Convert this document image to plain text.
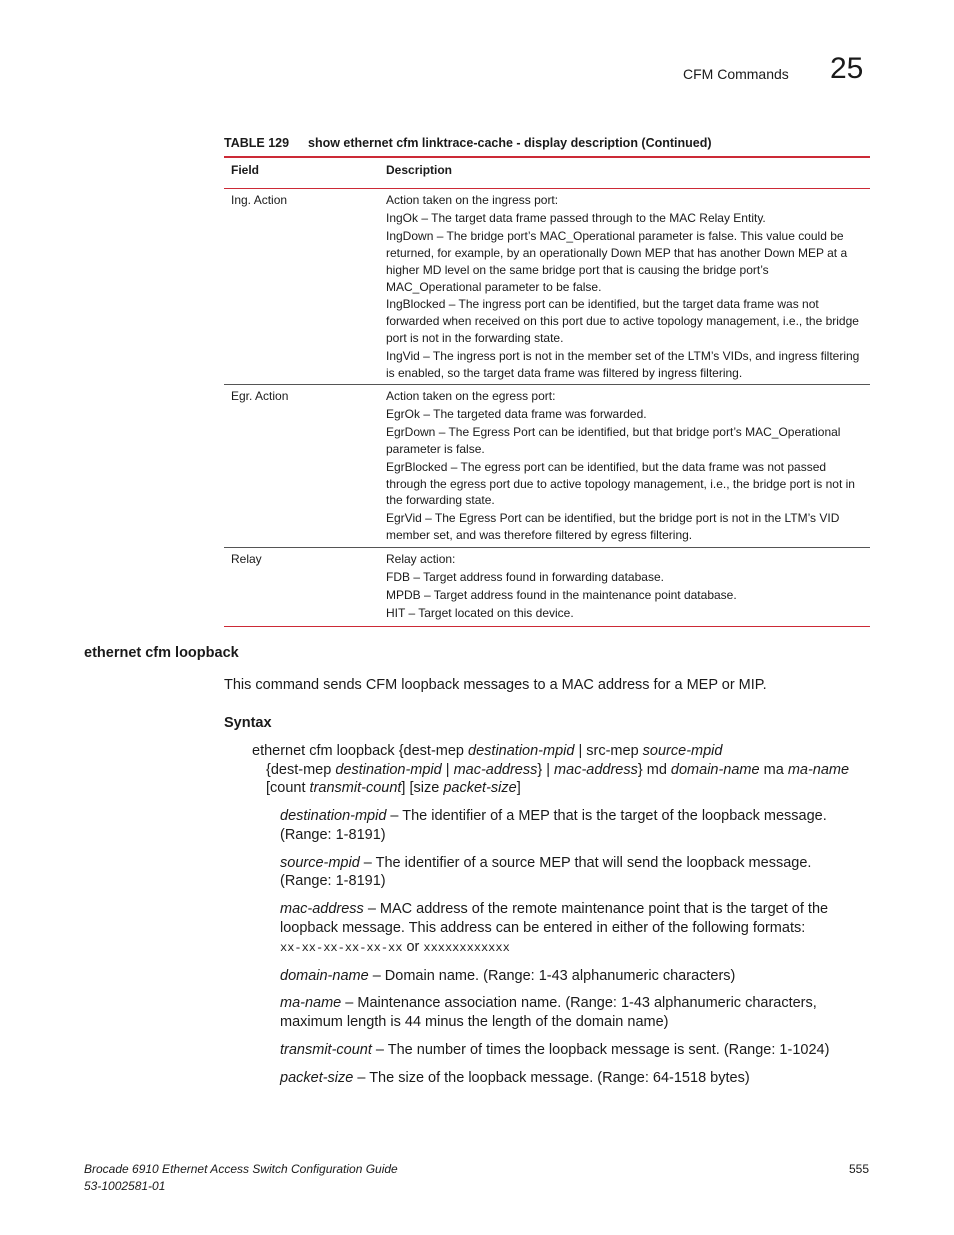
CFM Commands 25
TABLE 129 show ethernet cfm linktrace-cache - display description (Continued)
Field	Description
Ing. Action	Action taken on the ingress port:

IngOk – The target data frame passed through to the MAC Relay Entity.

IngDown – The bridge port’s MAC_Operational parameter is false. This value could be returned, for example, by an operationally Down MEP that has another Down MEP at a higher MD level on the same bridge port that is causing the bridge port’s MAC_Operational parameter to be false.

IngBlocked – The ingress port can be identified, but the target data frame was not forwarded when received on this port due to active topology management, i.e., the bridge port is not in the forwarding state.

IngVid – The ingress port is not in the member set of the LTM’s VIDs, and ingress filtering is enabled, so the target data frame was filtered by ingress filtering.

Egr. Action	Action taken on the egress port:

EgrOk – The targeted data frame was forwarded.

EgrDown – The Egress Port can be identified, but that bridge port’s MAC_Operational parameter is false.

EgrBlocked – The egress port can be identified, but the data frame was not passed through the egress port due to active topology management, i.e., the bridge port is not in the forwarding state.

EgrVid – The Egress Port can be identified, but the bridge port is not in the LTM’s VID member set, and was therefore filtered by egress filtering.

Relay	Relay action:

FDB – Target address found in forwarding database.

MPDB – Target address found in the maintenance point database.

HIT – Target located on this device.

ethernet cfm loopback
This command sends CFM loopback messages to a MAC address for a MEP or MIP.
Syntax
ethernet cfm loopback {dest-mep destination-mpid | src-mep source-mpid
{dest-mep destination-mpid | mac-address} | mac-address} md domain-name ma ma-name
[count transmit-count] [size packet-size]
destination-mpid – The identifier of a MEP that is the target of the loopback message. (Range: 1-8191)
source-mpid – The identifier of a source MEP that will send the loopback message. (Range: 1-8191)
mac-address – MAC address of the remote maintenance point that is the target of the loopback message. This address can be entered in either of the following formats:
xx-xx-xx-xx-xx-xx or xxxxxxxxxxxx
domain-name – Domain name. (Range: 1-43 alphanumeric characters)
ma-name – Maintenance association name. (Range: 1-43 alphanumeric characters, maximum length is 44 minus the length of the domain name)
transmit-count – The number of times the loopback message is sent. (Range: 1-1024)
packet-size – The size of the loopback message. (Range: 64-1518 bytes)
Brocade 6910 Ethernet Access Switch Configuration Guide
53-1002581-01
555
